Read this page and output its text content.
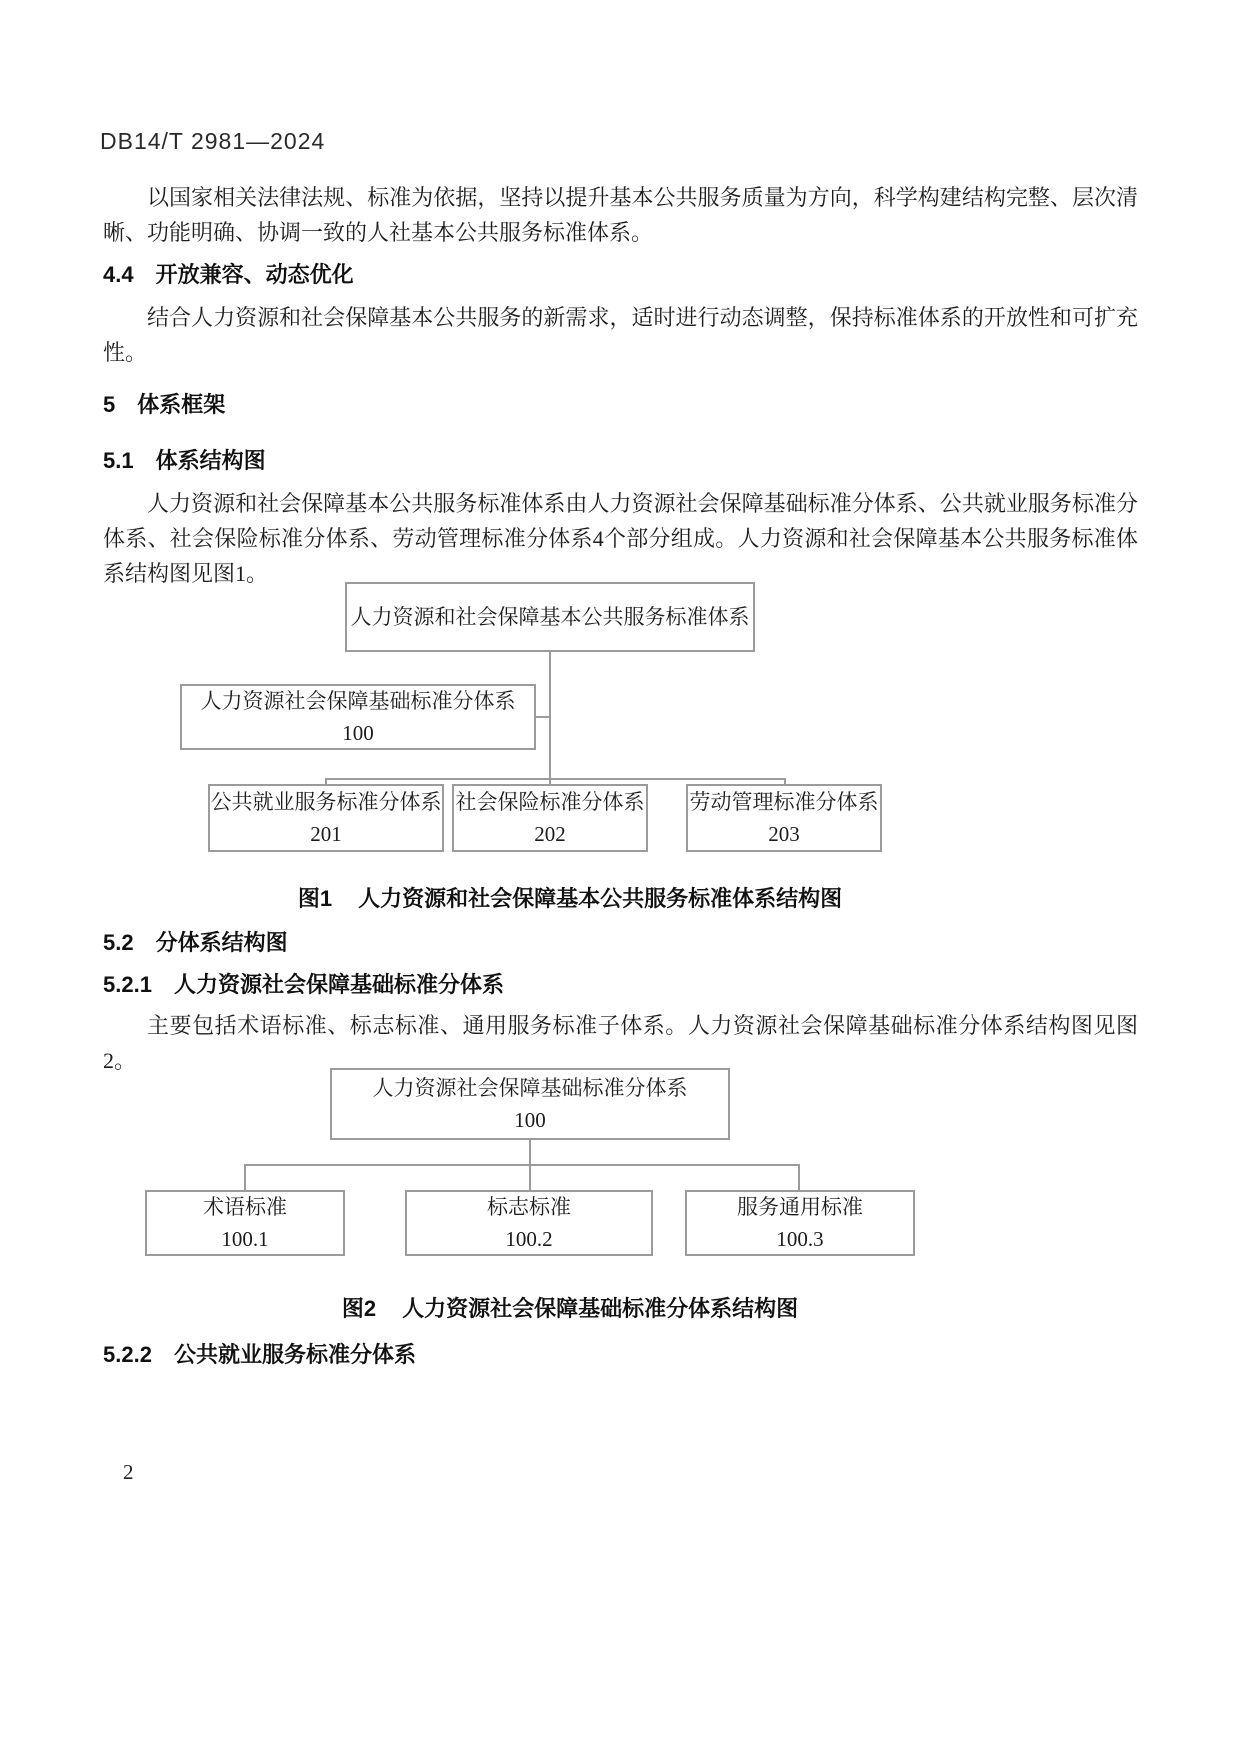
DB14/T 2981—2024

以国家相关法律法规、标准为依据，坚持以提升基本公共服务质量为方向，科学构建结构完整、层次清晰、功能明确、协调一致的人社基本公共服务标准体系。

4.4 开放兼容、动态优化

结合人力资源和社会保障基本公共服务的新需求，适时进行动态调整，保持标准体系的开放性和可扩充性。

5 体系框架
5.1 体系结构图

人力资源和社会保障基本公共服务标准体系由人力资源社会保障基础标准分体系、公共就业服务标准分体系、社会保险标准分体系、劳动管理标准分体系4个部分组成。人力资源和社会保障基本公共服务标准体系结构图见图1。

人力资源和社会保障基本公共服务标准体系
人力资源社会保障基础标准分体系
100
公共就业服务标准分体系
201
社会保险标准分体系
202
劳动管理标准分体系
203
图1 人力资源和社会保障基本公共服务标准体系结构图
5.2 分体系结构图
5.2.1 人力资源社会保障基础标准分体系

主要包括术语标准、标志标准、通用服务标准子体系。人力资源社会保障基础标准分体系结构图见图2。

人力资源社会保障基础标准分体系
100
术语标准
100.1
标志标准
100.2
服务通用标准
100.3
图2 人力资源社会保障基础标准分体系结构图
5.2.2 公共就业服务标准分体系
2
